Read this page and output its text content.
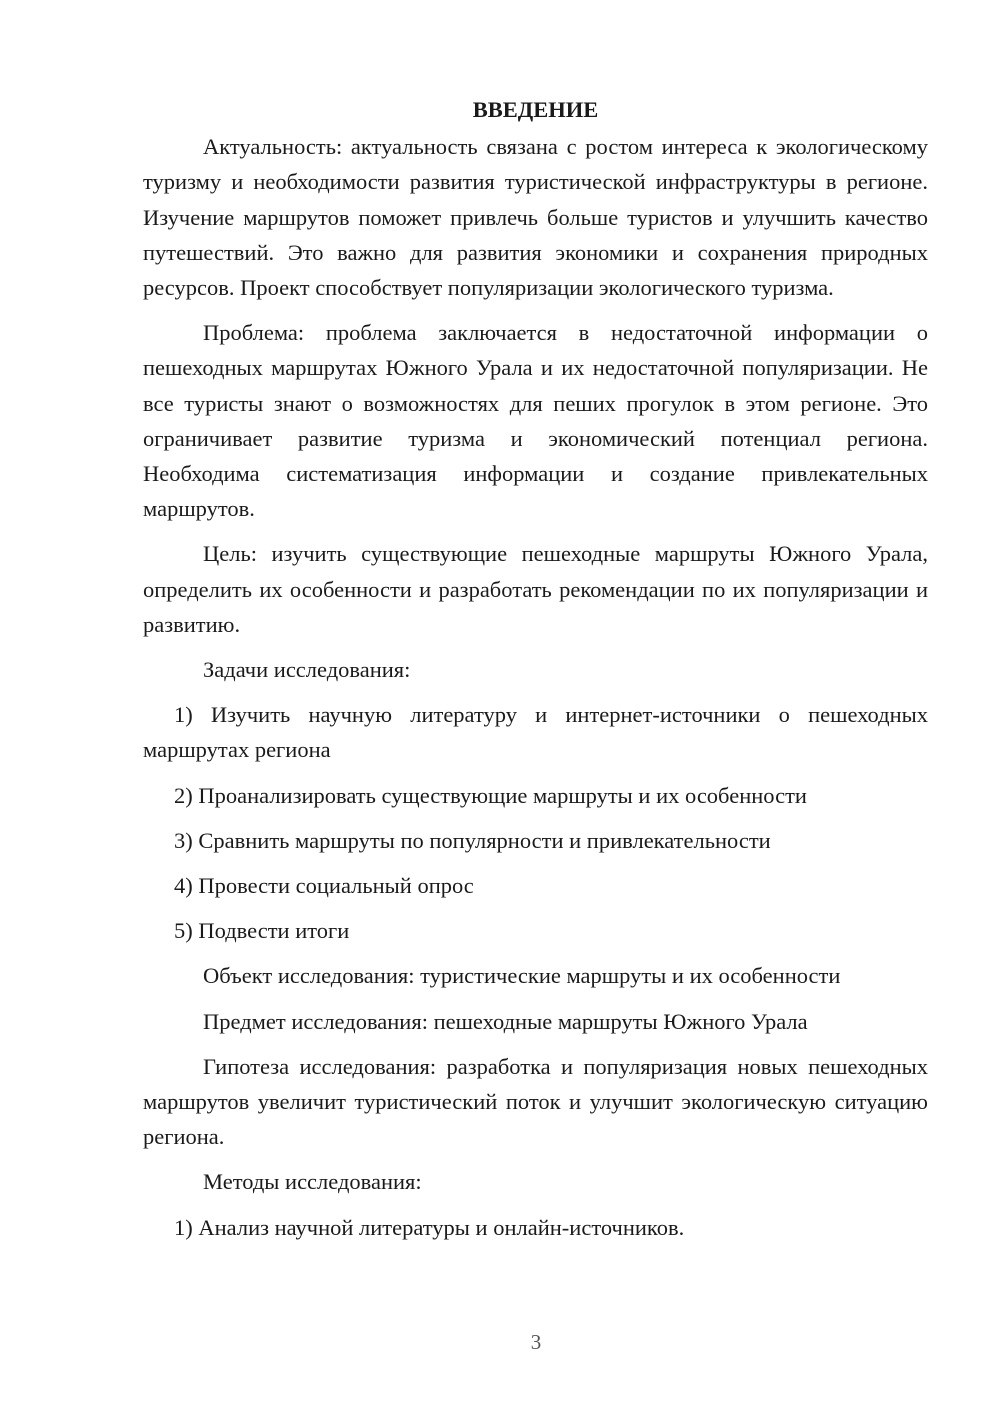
ВВЕДЕНИЕ

Актуальность: актуальность связана с ростом интереса к экологическому туризму и необходимости развития туристической инфраструктуры в регионе. Изучение маршрутов поможет привлечь больше туристов и улучшить качество путешествий. Это важно для развития экономики и сохранения природных ресурсов. Проект способствует популяризации экологического туризма.

Проблема: проблема заключается в недостаточной информации о пешеходных маршрутах Южного Урала и их недостаточной популяризации. Не все туристы знают о возможностях для пеших прогулок в этом регионе. Это ограничивает развитие туризма и экономический потенциал региона. Необходима систематизация информации и создание привлекательных маршрутов.

Цель: изучить существующие пешеходные маршруты Южного Урала, определить их особенности и разработать рекомендации по их популяризации и развитию.

Задачи исследования:

1) Изучить научную литературу и интернет-источники о пешеходных маршрутах региона

2) Проанализировать существующие маршруты и их особенности

3) Сравнить маршруты по популярности и привлекательности

4) Провести социальный опрос

5) Подвести итоги

Объект исследования: туристические маршруты и их особенности

Предмет исследования: пешеходные маршруты Южного Урала

Гипотеза исследования: разработка и популяризация новых пешеходных маршрутов увеличит туристический поток и улучшит экологическую ситуацию региона.

Методы исследования:

1) Анализ научной литературы и онлайн-источников.

3
